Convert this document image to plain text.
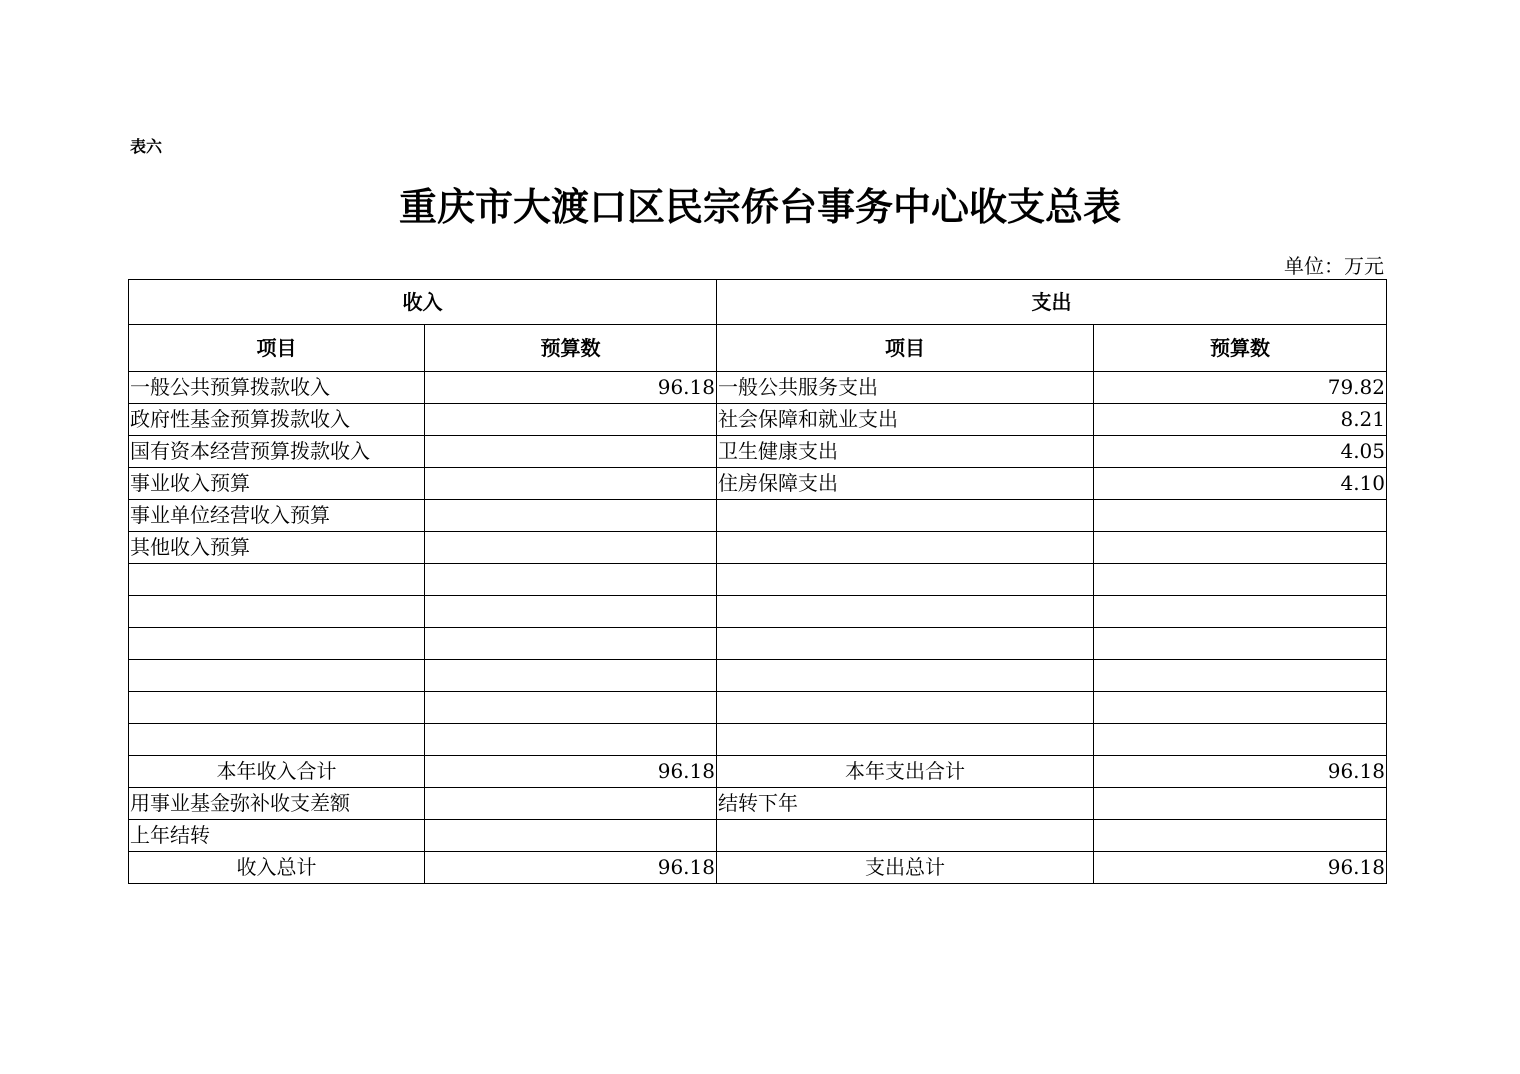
表六
重庆市大渡口区民宗侨台事务中心收支总表
单位：万元
收入		支出	
项目	预算数	项目	预算数
一般公共预算拨款收入	96.18	一般公共服务支出	79.82
政府性基金预算拨款收入		社会保障和就业支出	8.21
国有资本经营预算拨款收入		卫生健康支出	4.05
事业收入预算		住房保障支出	4.10
事业单位经营收入预算			
其他收入预算			

本年收入合计	96.18	本年支出合计	96.18
用事业基金弥补收支差额		结转下年	
上年结转			
收入总计	96.18	支出总计	96.18
